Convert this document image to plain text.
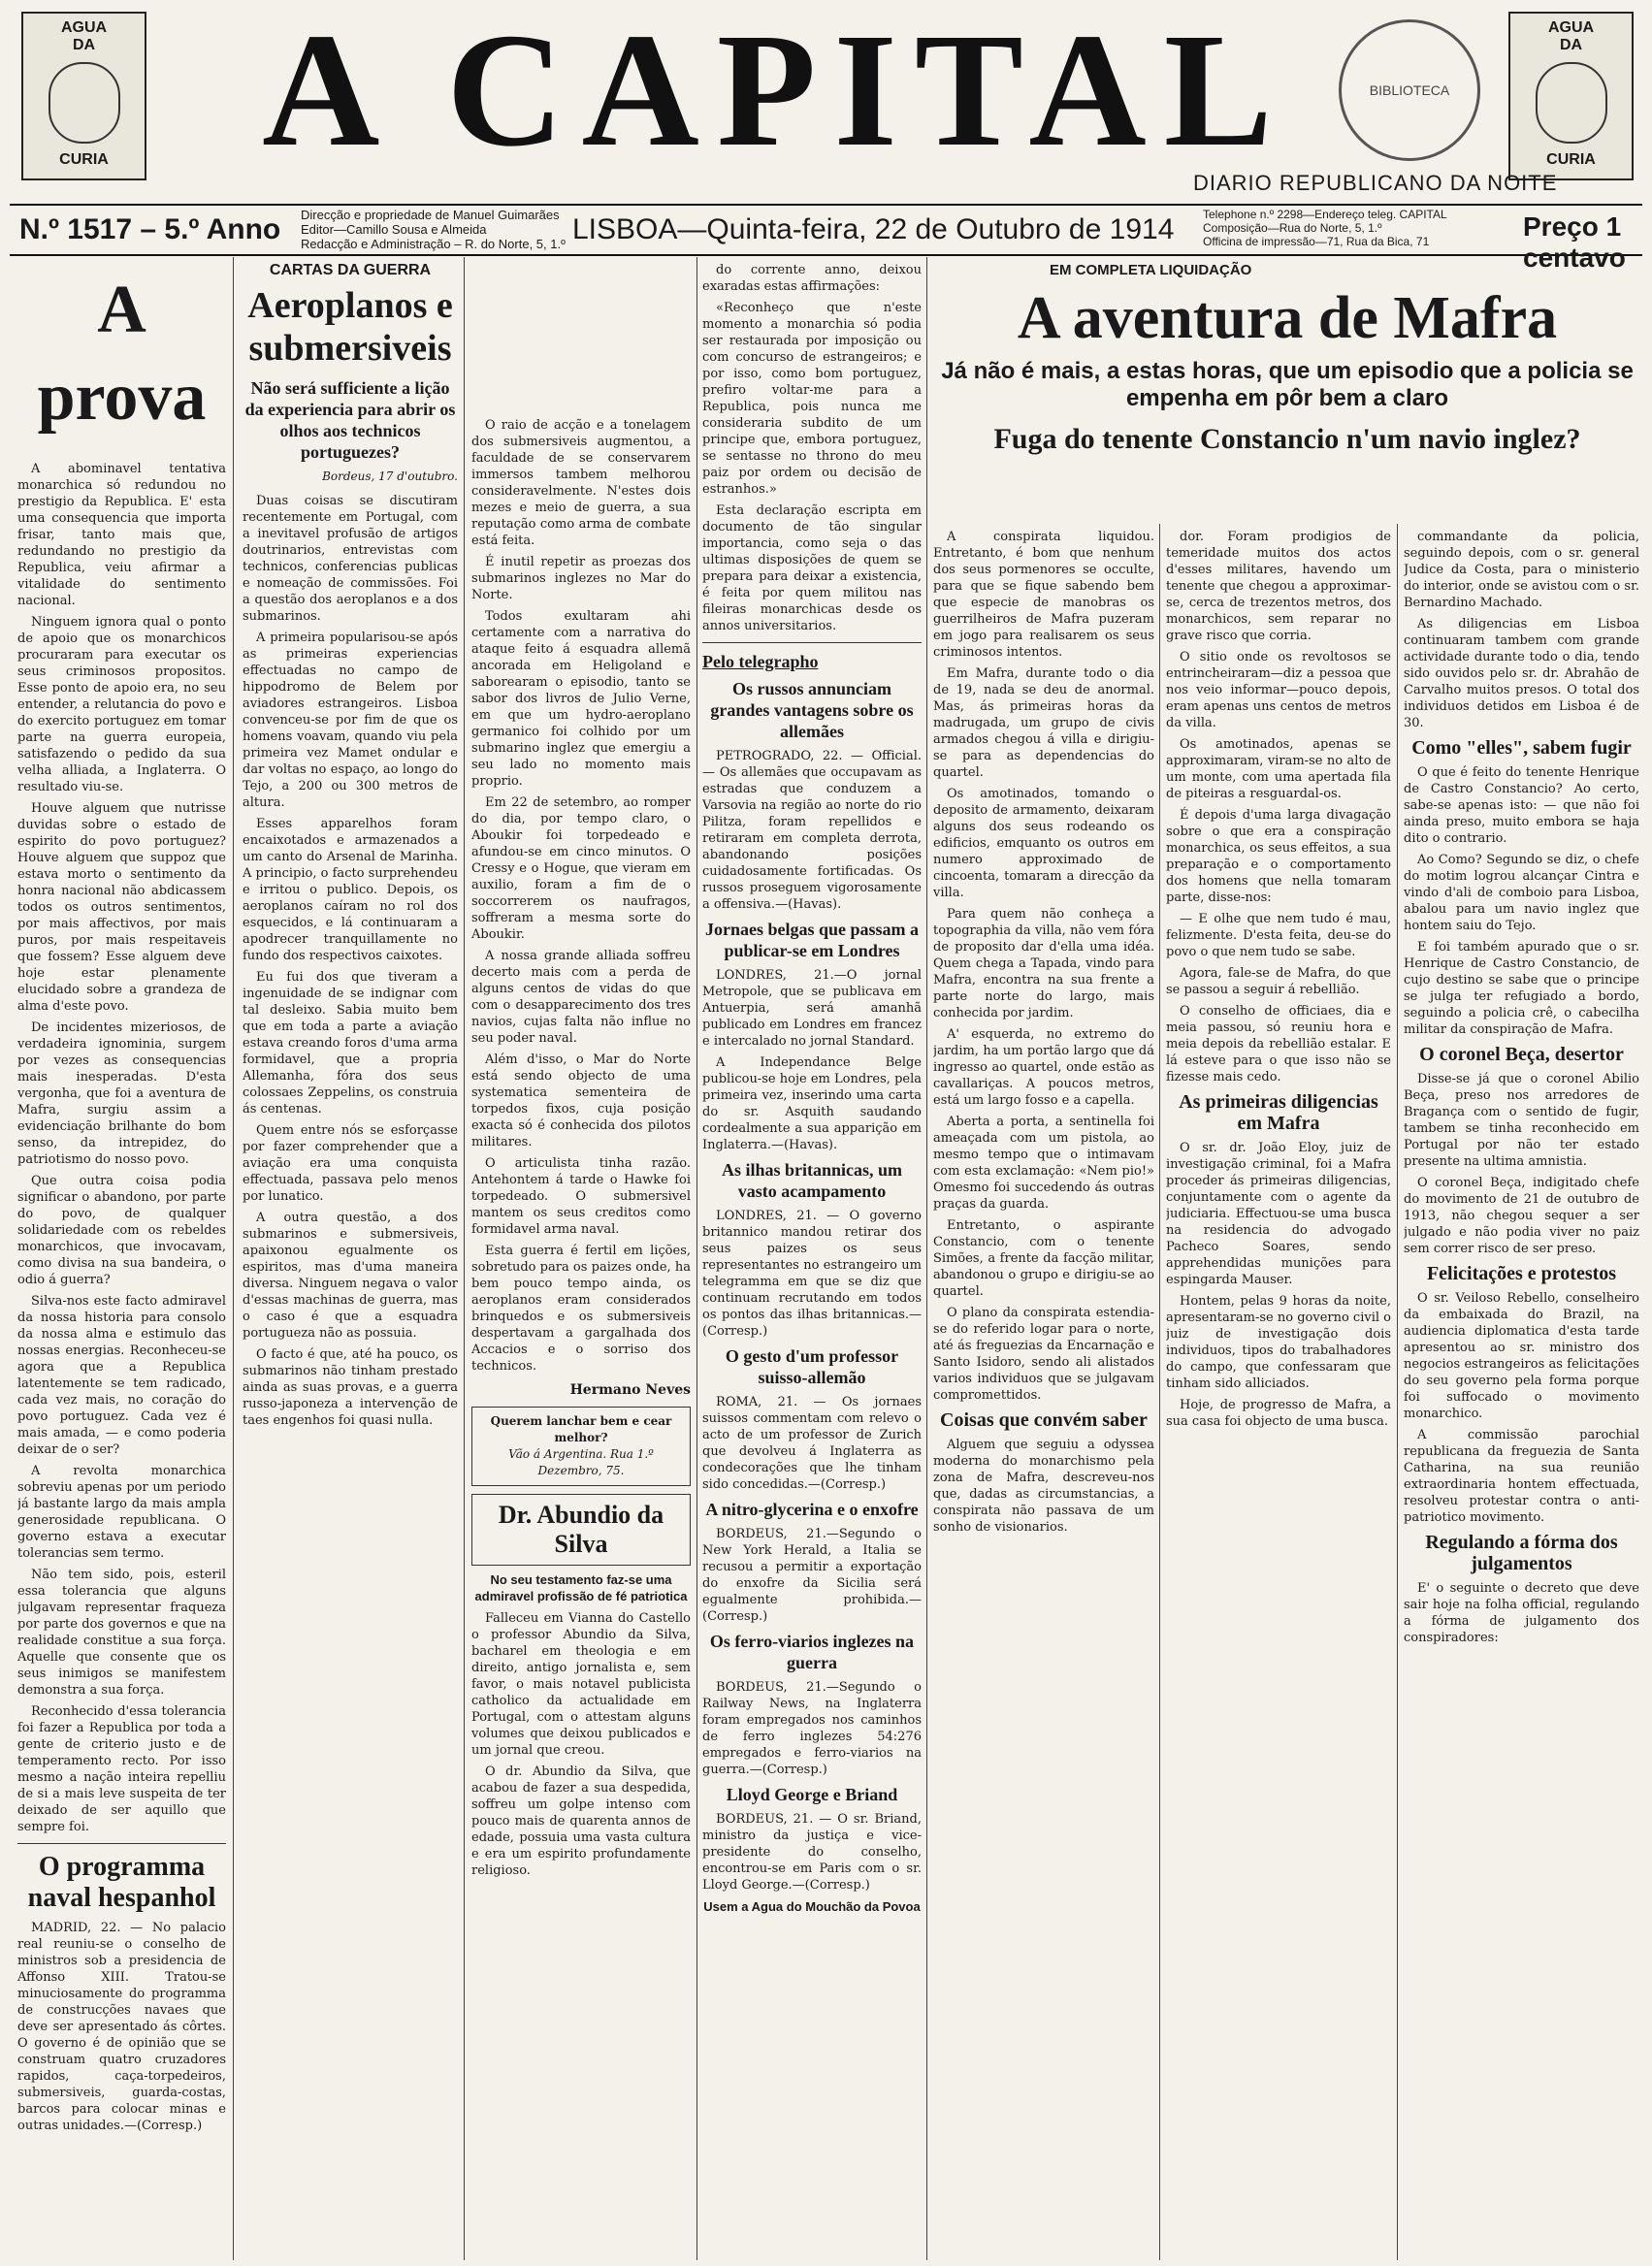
AGUA
DA
CURIA A CAPITAL	BIBLIOTECA
AGUA
DA
CURIA
DIARIO REPUBLICANO DA NOITE
N.º 1517 – 5.º Anno Direcção e propriedade de Manuel Guimarães
Editor—Camillo Sousa e Almeida
Redacção e Administração – R. do Norte, 5, 1.º LISBOA—Quinta-feira, 22 de Outubro de 1914 Telephone n.º 2298—Endereço teleg. CAPITAL
Composição—Rua do Norte, 5, 1.º
Officina de impressão—71, Rua da Bica, 71	Preço 1 centavo
A prova

A abominavel tentativa monarchica só redundou no prestigio da Republica. E' esta uma consequencia que importa frisar, tanto mais que, redundando no prestigio da Republica, veiu afirmar a vitalidade do sentimento nacional.

Ninguem ignora qual o ponto de apoio que os monarchicos procuraram para executar os seus criminosos propositos. Esse ponto de apoio era, no seu entender, a relutancia do povo e do exercito portuguez em tomar parte na guerra europeia, satisfazendo o pedido da sua velha alliada, a Inglaterra. O resultado viu-se.

Houve alguem que nutrisse duvidas sobre o estado de espirito do povo portuguez? Houve alguem que suppoz que estava morto o sentimento da honra nacional não abdicassem todos os outros sentimentos, por mais affectivos, por mais puros, por mais respeitaveis que fossem? Esse alguem deve hoje estar plenamente elucidado sobre a grandeza de alma d'este povo.

De incidentes mizeriosos, de verdadeira ignominia, surgem por vezes as consequencias mais inesperadas. D'esta vergonha, que foi a aventura de Mafra, surgiu assim a evidenciação brilhante do bom senso, da intrepidez, do patriotismo do nosso povo.

Que outra coisa podia significar o abandono, por parte do povo, de qualquer solidariedade com os rebeldes monarchicos, que invocavam, como divisa na sua bandeira, o odio á guerra?

Silva-nos este facto admiravel da nossa historia para consolo da nossa alma e estimulo das nossas energias. Reconheceu-se agora que a Republica latentemente se tem radicado, cada vez mais, no coração do povo portuguez. Cada vez é mais amada, — e como poderia deixar de o ser?

A revolta monarchica sobreviu apenas por um periodo já bastante largo da mais ampla generosidade republicana. O governo estava a executar tolerancias sem termo.

Não tem sido, pois, esteril essa tolerancia que alguns julgavam representar fraqueza por parte dos governos e que na realidade constitue a sua força. Aquelle que consente que os seus inimigos se manifestem demonstra a sua força.

Reconhecido d'essa tolerancia foi fazer a Republica por toda a gente de criterio justo e de temperamento recto. Por isso mesmo a nação inteira repelliu de si a mais leve suspeita de ter deixado de ser aquillo que sempre foi.

O programma naval hespanhol

MADRID, 22. — No palacio real reuniu-se o conselho de ministros sob a presidencia de Affonso XIII. Tratou-se minuciosamente do programma de construcções navaes que deve ser apresentado ás côrtes. O governo é de opinião que se construam quatro cruzadores rapidos, caça-torpedeiros, submersiveis, guarda-costas, barcos para colocar minas e outras unidades.—(Corresp.)

CARTAS DA GUERRA
Aeroplanos e submersiveis
Não será sufficiente a lição da experiencia para abrir os olhos aos technicos portuguezes?
Bordeus, 17 d'outubro.

Duas coisas se discutiram recentemente em Portugal, com a inevitavel profusão de artigos doutrinarios, entrevistas com technicos, conferencias publicas e nomeação de commissões. Foi a questão dos aeroplanos e a dos submarinos.

A primeira popularisou-se após as primeiras experiencias effectuadas no campo de hippodromo de Belem por aviadores estrangeiros. Lisboa convenceu-se por fim de que os homens voavam, quando viu pela primeira vez Mamet ondular e dar voltas no espaço, ao longo do Tejo, a 200 ou 300 metros de altura.

Esses apparelhos foram encaixotados e armazenados a um canto do Arsenal de Marinha. A principio, o facto surprehendeu e irritou o publico. Depois, os aeroplanos caíram no rol dos esquecidos, e lá continuaram a apodrecer tranquillamente no fundo dos respectivos caixotes.

Eu fui dos que tiveram a ingenuidade de se indignar com tal desleixo. Sabia muito bem que em toda a parte a aviação estava creando foros d'uma arma formidavel, que a propria Allemanha, fóra dos seus colossaes Zeppelins, os construia ás centenas.

Quem entre nós se esforçasse por fazer comprehender que a aviação era uma conquista effectuada, passava pelo menos por lunatico.

A outra questão, a dos submarinos e submersiveis, apaixonou egualmente os espiritos, mas d'uma maneira diversa. Ninguem negava o valor d'essas machinas de guerra, mas o caso é que a esquadra portugueza não as possuia.

O facto é que, até ha pouco, os submarinos não tinham prestado ainda as suas provas, e a guerra russo-japoneza a intervenção de taes engenhos foi quasi nulla.

O raio de acção e a tonelagem dos submersiveis augmentou, a faculdade de se conservarem immersos tambem melhorou consideravelmente. N'estes dois mezes e meio de guerra, a sua reputação como arma de combate está feita.

É inutil repetir as proezas dos submarinos inglezes no Mar do Norte.

Todos exultaram ahi certamente com a narrativa do ataque feito á esquadra allemã ancorada em Heligoland e saborearam o episodio, tanto se sabor dos livros de Julio Verne, em que um hydro-aeroplano germanico foi colhido por um submarino inglez que emergiu a seu lado no momento mais proprio.

Em 22 de setembro, ao romper do dia, por tempo claro, o Aboukir foi torpedeado e afundou-se em cinco minutos. O Cressy e o Hogue, que vieram em auxilio, foram a fim de o soccorrerem os naufragos, soffreram a mesma sorte do Aboukir.

A nossa grande alliada soffreu decerto mais com a perda de alguns centos de vidas do que com o desapparecimento dos tres navios, cujas falta não influe no seu poder naval.

Além d'isso, o Mar do Norte está sendo objecto de uma systematica sementeira de torpedos fixos, cuja posição exacta só é conhecida dos pilotos militares.

O articulista tinha razão. Antehontem á tarde o Hawke foi torpedeado. O submersivel mantem os seus creditos como formidavel arma naval.

Esta guerra é fertil em lições, sobretudo para os paizes onde, ha bem pouco tempo ainda, os aeroplanos eram considerados brinquedos e os submersiveis despertavam a gargalhada dos Accacios e o sorriso dos technicos.

Hermano Neves
Querem lanchar bem e cear melhor?
Vão á Argentina. Rua 1.º Dezembro, 75.
Dr. Abundio da Silva
No seu testamento faz-se uma admiravel profissão de fé patriotica

Falleceu em Vianna do Castello o professor Abundio da Silva, bacharel em theologia e em direito, antigo jornalista e, sem favor, o mais notavel publicista catholico da actualidade em Portugal, com o attestam alguns volumes que deixou publicados e um jornal que creou.

O dr. Abundio da Silva, que acabou de fazer a sua despedida, soffreu um golpe intenso com pouco mais de quarenta annos de edade, possuia uma vasta cultura e era um espirito profundamente religioso.

do corrente anno, deixou exaradas estas affirmações:

«Reconheço que n'este momento a monarchia só podia ser restaurada por imposição ou com concurso de estrangeiros; e por isso, como bom portuguez, prefiro voltar-me para a Republica, pois nunca me consideraria subdito de um principe que, embora portuguez, se sentasse no throno do meu paiz por ordem ou decisão de estranhos.»

Esta declaração escripta em documento de tão singular importancia, como seja o das ultimas disposições de quem se prepara para deixar a existencia, é feita por quem militou nas fileiras monarchicas desde os annos universitarios.

Pelo telegrapho
Os russos annunciam grandes vantagens sobre os allemães

PETROGRADO, 22. — Official. — Os allemães que occupavam as estradas que conduzem a Varsovia na região ao norte do rio Pilitza, foram repellidos e retiraram em completa derrota, abandonando posições cuidadosamente fortificadas. Os russos proseguem vigorosamente a offensiva.—(Havas).

Jornaes belgas que passam a publicar-se em Londres

LONDRES, 21.—O jornal Metropole, que se publicava em Antuerpia, será amanhã publicado em Londres em francez e intercalado no jornal Standard.

A Independance Belge publicou-se hoje em Londres, pela primeira vez, inserindo uma carta do sr. Asquith saudando cordealmente a sua apparição em Inglaterra.—(Havas).

As ilhas britannicas, um vasto acampamento

LONDRES, 21. — O governo britannico mandou retirar dos seus paizes os seus representantes no estrangeiro um telegramma em que se diz que continuam recrutando em todos os pontos das ilhas britannicas.—(Corresp.)

O gesto d'um professor suisso-allemão

ROMA, 21. — Os jornaes suissos commentam com relevo o acto de um professor de Zurich que devolveu á Inglaterra as condecorações que lhe tinham sido concedidas.—(Corresp.)

A nitro-glycerina e o enxofre

BORDEUS, 21.—Segundo o New York Herald, a Italia se recusou a permitir a exportação do enxofre da Sicilia será egualmente prohibida.—(Corresp.)

Os ferro-viarios inglezes na guerra

BORDEUS, 21.—Segundo o Railway News, na Inglaterra foram empregados nos caminhos de ferro inglezes 54:276 empregados e ferro-viarios na guerra.—(Corresp.)

Lloyd George e Briand

BORDEUS, 21. — O sr. Briand, ministro da justiça e vice-presidente do conselho, encontrou-se em Paris com o sr. Lloyd George.—(Corresp.)

Usem a Agua do Mouchão da Povoa
EM COMPLETA LIQUIDAÇÃO
A aventura de Mafra
Já não é mais, a estas horas, que um episodio que a policia se empenha em pôr bem a claro
Fuga do tenente Constancio n'um navio inglez?

A conspirata liquidou. Entretanto, é bom que nenhum dos seus pormenores se occulte, para que se fique sabendo bem que especie de manobras os guerrilheiros de Mafra puzeram em jogo para realisarem os seus criminosos intentos.

Em Mafra, durante todo o dia de 19, nada se deu de anormal. Mas, ás primeiras horas da madrugada, um grupo de civis armados chegou á villa e dirigiu-se para as dependencias do quartel.

Os amotinados, tomando o deposito de armamento, deixaram alguns dos seus rodeando os edificios, emquanto os outros em numero approximado de cincoenta, tomaram a direcção da villa.

Para quem não conheça a topographia da villa, não vem fóra de proposito dar d'ella uma idéa. Quem chega a Tapada, vindo para Mafra, encontra na sua frente a parte norte do largo, mais conhecida por jardim.

A' esquerda, no extremo do jardim, ha um portão largo que dá ingresso ao quartel, onde estão as cavallariças. A poucos metros, está um largo fosso e a capella.

Aberta a porta, a sentinella foi ameaçada com um pistola, ao mesmo tempo que o intimavam com esta exclamação: «Nem pio!» Omesmo foi succedendo ás outras praças da guarda.

Entretanto, o aspirante Constancio, com o tenente Simões, a frente da facção militar, abandonou o grupo e dirigiu-se ao quartel.

O plano da conspirata estendia-se do referido logar para o norte, até ás freguezias da Encarnação e Santo Isidoro, sendo ali alistados varios individuos que se julgavam compromettidos.

Coisas que convém saber

Alguem que seguiu a odyssea moderna do monarchismo pela zona de Mafra, descreveu-nos que, dadas as circumstancias, a conspirata não passava de um sonho de visionarios.

dor. Foram prodigios de temeridade muitos dos actos d'esses militares, havendo um tenente que chegou a approximar-se, cerca de trezentos metros, dos monarchicos, sem reparar no grave risco que corria.

O sitio onde os revoltosos se entrincheiraram—diz a pessoa que nos veio informar—pouco depois, eram apenas uns centos de metros da villa.

Os amotinados, apenas se approximaram, viram-se no alto de um monte, com uma apertada fila de piteiras a resguardal-os.

É depois d'uma larga divagação sobre o que era a conspiração monarchica, os seus effeitos, a sua preparação e o comportamento dos homens que nella tomaram parte, disse-nos:

— E olhe que nem tudo é mau, felizmente. D'esta feita, deu-se do povo o que nem tudo se sabe.

Agora, fale-se de Mafra, do que se passou a seguir á rebellião.

O conselho de officiaes, dia e meia passou, só reuniu hora e meia depois da rebellião estalar. E lá esteve para o que isso não se fizesse mais cedo.

As primeiras diligencias em Mafra

O sr. dr. João Eloy, juiz de investigação criminal, foi a Mafra proceder ás primeiras diligencias, conjuntamente com o agente da judiciaria. Effectuou-se uma busca na residencia do advogado Pacheco Soares, sendo apprehendidas munições para espingarda Mauser.

Hontem, pelas 9 horas da noite, apresentaram-se no governo civil o juiz de investigação dois individuos, tipos do trabalhadores do campo, que confessaram que tinham sido alliciados.

Hoje, de progresso de Mafra, a sua casa foi objecto de uma busca.

commandante da policia, seguindo depois, com o sr. general Judice da Costa, para o ministerio do interior, onde se avistou com o sr. Bernardino Machado.

As diligencias em Lisboa continuaram tambem com grande actividade durante todo o dia, tendo sido ouvidos pelo sr. dr. Abrahão de Carvalho muitos presos. O total dos individuos detidos em Lisboa é de 30.

Como "elles", sabem fugir

O que é feito do tenente Henrique de Castro Constancio? Ao certo, sabe-se apenas isto: — que não foi ainda preso, muito embora se haja dito o contrario.

Ao Como? Segundo se diz, o chefe do motim logrou alcançar Cintra e vindo d'ali de comboio para Lisboa, abalou para um navio inglez que hontem saiu do Tejo.

E foi também apurado que o sr. Henrique de Castro Constancio, de cujo destino se sabe que o principe se julga ter refugiado a bordo, seguindo a policia crê, o cabecilha militar da conspiração de Mafra.

O coronel Beça, desertor

Disse-se já que o coronel Abilio Beça, preso nos arredores de Bragança com o sentido de fugir, tambem se tinha reconhecido em Portugal por não ter estado presente na ultima amnistia.

O coronel Beça, indigitado chefe do movimento de 21 de outubro de 1913, não chegou sequer a ser julgado e não podia viver no paiz sem correr risco de ser preso.

Felicitações e protestos

O sr. Veiloso Rebello, conselheiro da embaixada do Brazil, na audiencia diplomatica d'esta tarde apresentou ao sr. ministro dos negocios estrangeiros as felicitações do seu governo pela forma porque foi suffocado o movimento monarchico.

A commissão parochial republicana da freguezia de Santa Catharina, na sua reunião extraordinaria hontem effectuada, resolveu protestar contra o anti-patriotico movimento.

Regulando a fórma dos julgamentos

E' o seguinte o decreto que deve sair hoje na folha official, regulando a fórma de julgamento dos conspiradores:
